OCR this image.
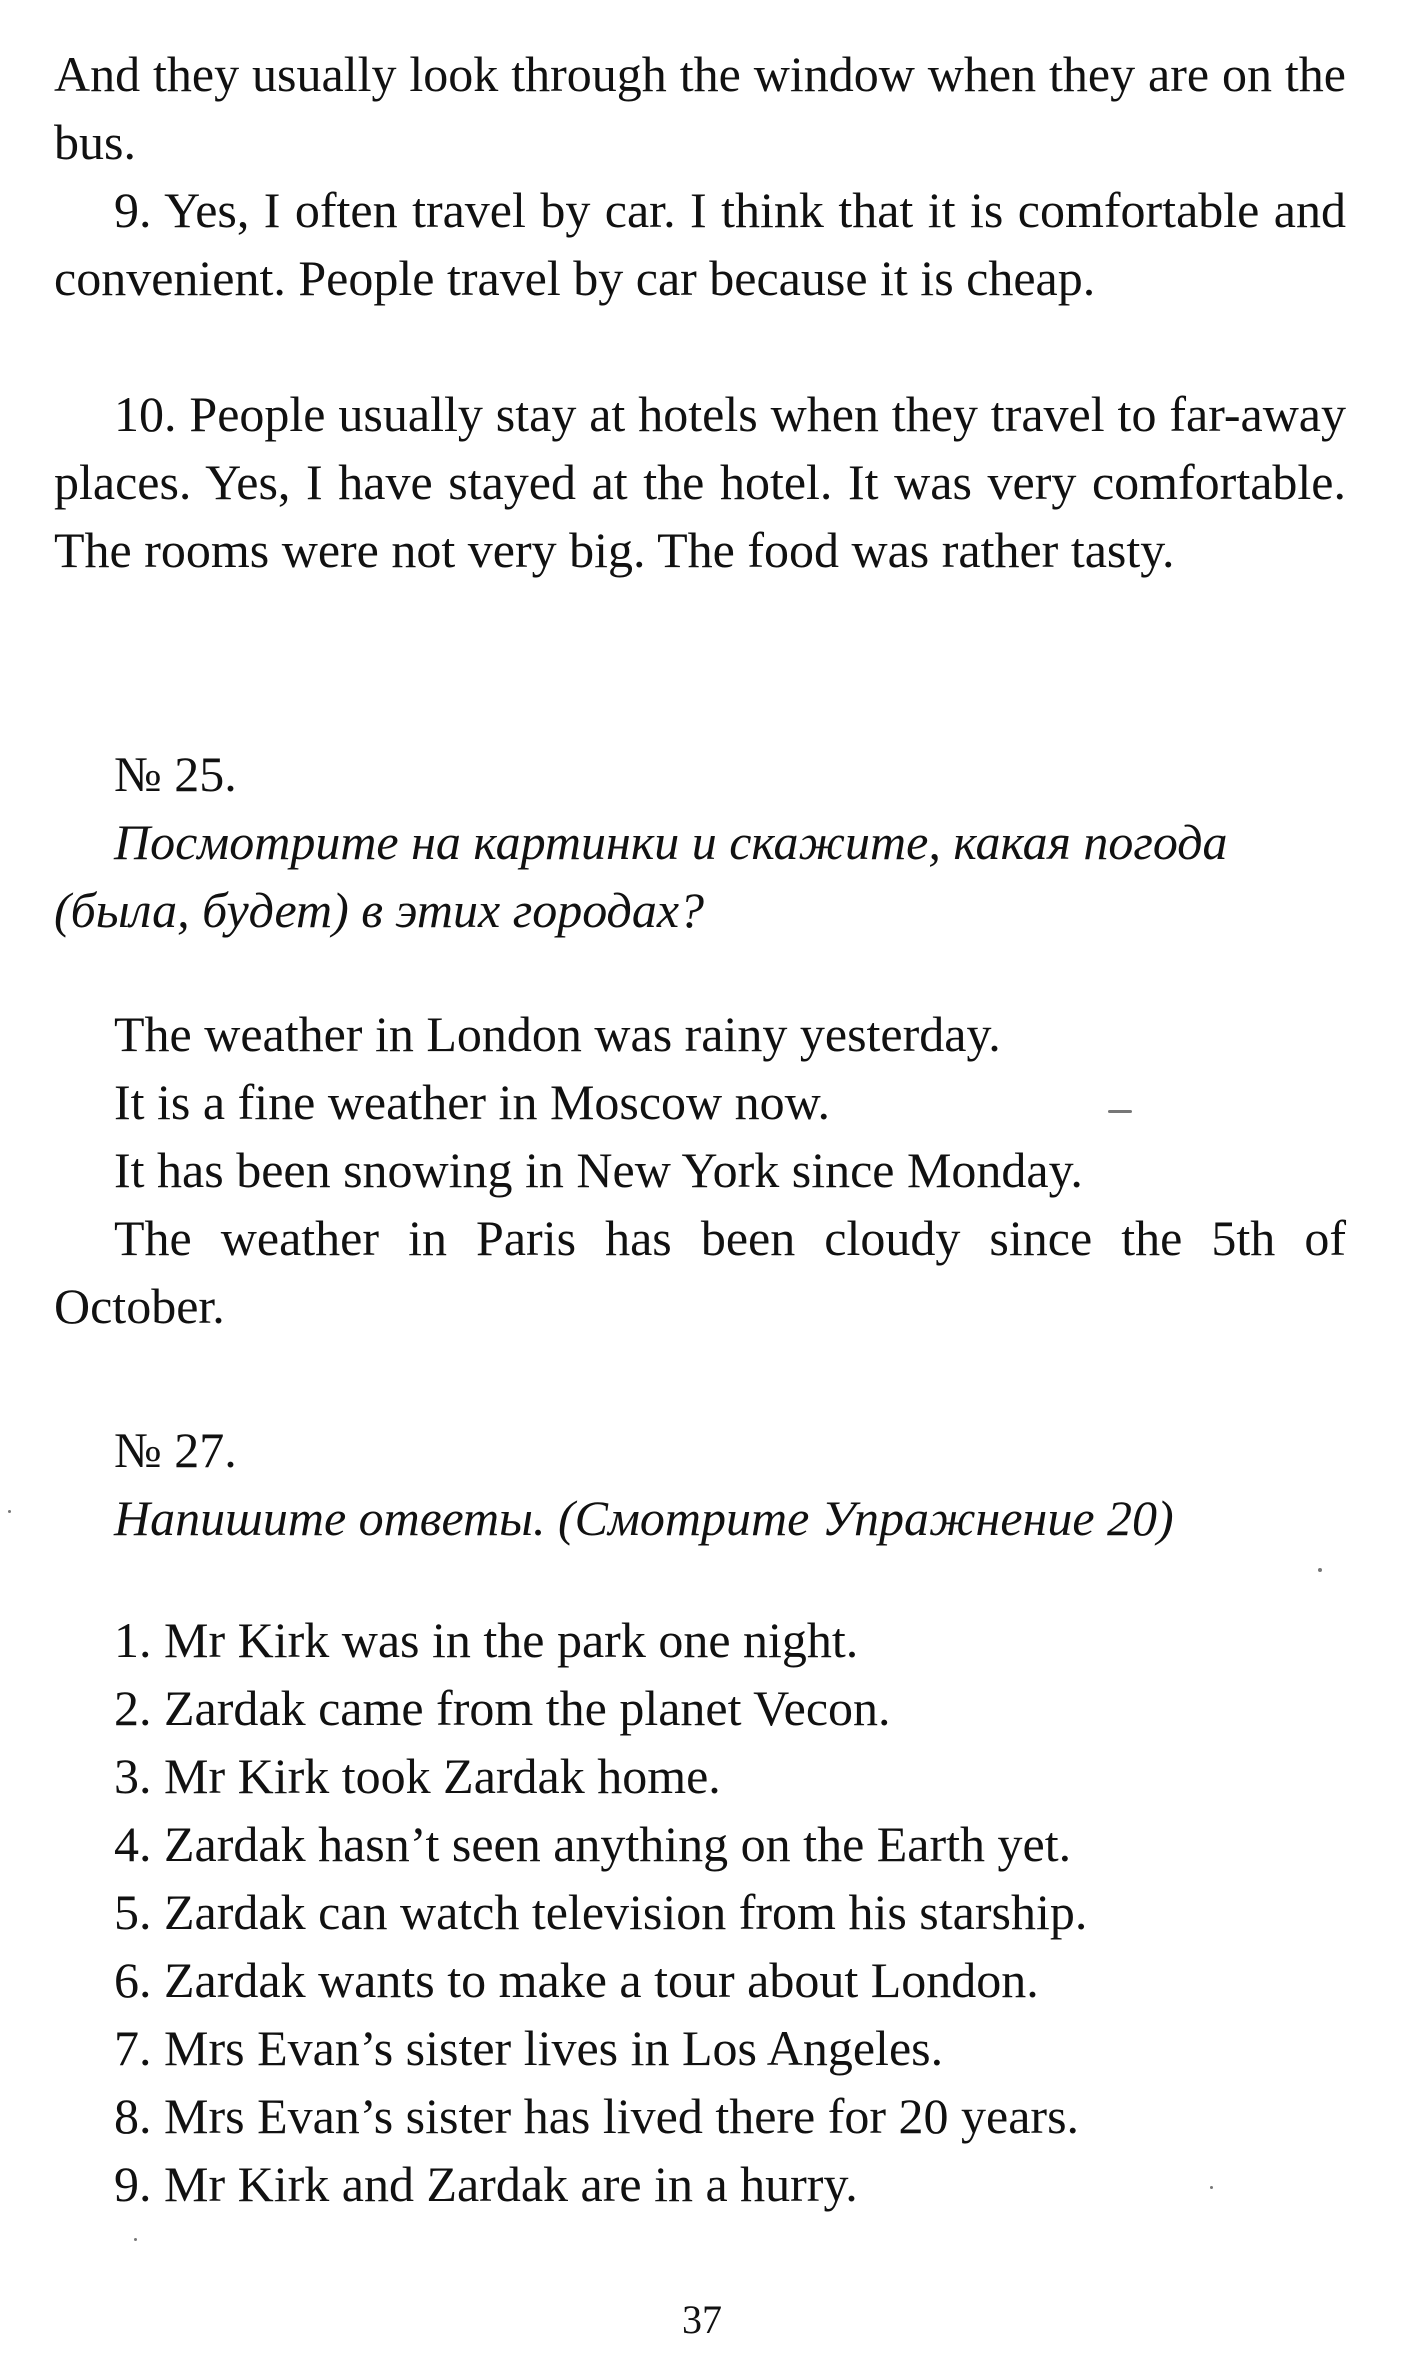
And they usually look through the window when they are on the bus.

9. Yes, I often travel by car. I think that it is comfortable and convenient. People travel by car because it is cheap.

10. People usually stay at hotels when they travel to far-away places. Yes, I have stayed at the hotel. It was very comfortable. The rooms were not very big. The food was rather tasty.

№ 25.

Посмотрите на картинки и скажите, какая погода

(была, будет) в этих городах?

The weather in London was rainy yesterday.

It is a fine weather in Moscow now.

It has been snowing in New York since Monday.

The weather in Paris has been cloudy since the 5th of October.

№ 27.

Напишите ответы. (Смотрите Упражнение 20)

1. Mr Kirk was in the park one night.

2. Zardak came from the planet Vecon.

3. Mr Kirk took Zardak home.

4. Zardak hasn’t seen anything on the Earth yet.

5. Zardak can watch television from his starship.

6. Zardak wants to make a tour about London.

7. Mrs Evan’s sister lives in Los Angeles.

8. Mrs Evan’s sister has lived there for 20 years.

9. Mr Kirk and Zardak are in a hurry.

37
